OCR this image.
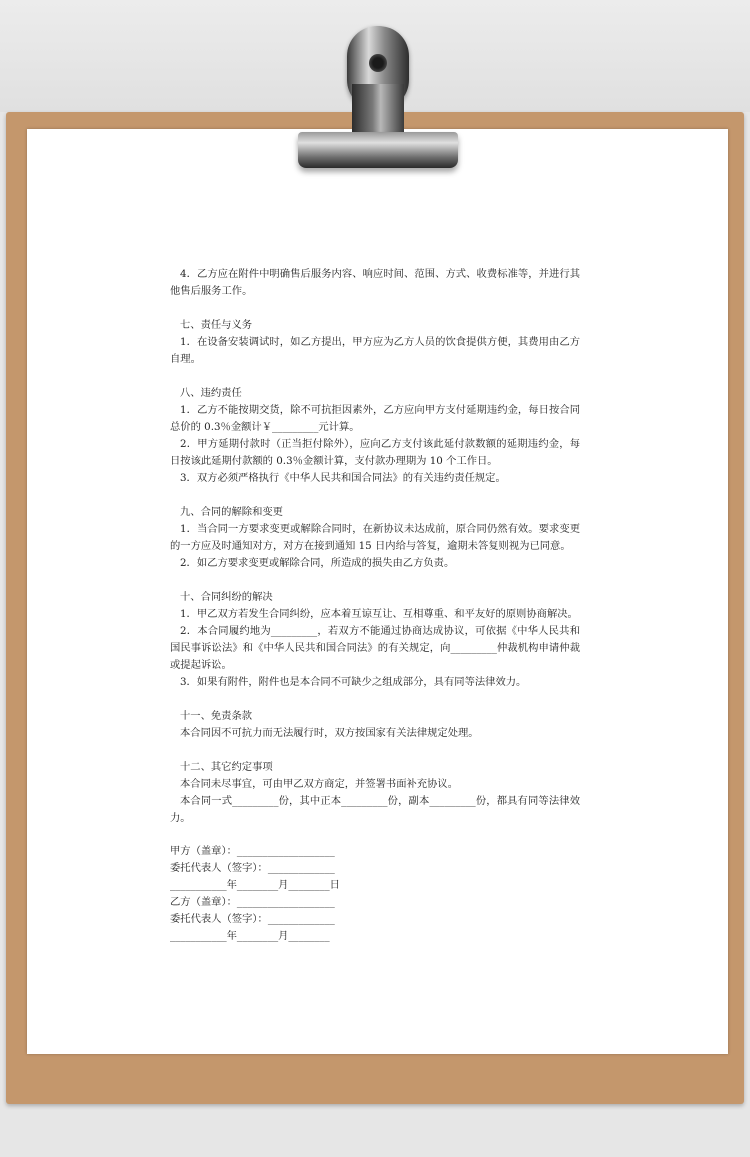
4．乙方应在附件中明确售后服务内容、响应时间、范围、方式、收费标准等，并进行其他售后服务工作。

七、责任与义务

1．在设备安装调试时，如乙方提出，甲方应为乙方人员的饮食提供方便，其费用由乙方自理。

八、违约责任

1．乙方不能按期交货，除不可抗拒因素外，乙方应向甲方支付延期违约金，每日按合同总价的 0.3％金额计￥_________元计算。

2．甲方延期付款时（正当拒付除外），应向乙方支付该此延付款数额的延期违约金，每日按该此延期付款额的 0.3％金额计算，支付款办理期为 10 个工作日。

3．双方必须严格执行《中华人民共和国合同法》的有关违约责任规定。

九、合同的解除和变更

1．当合同一方要求变更或解除合同时，在新协议未达成前，原合同仍然有效。要求变更的一方应及时通知对方，对方在接到通知 15 日内给与答复，逾期未答复则视为已同意。

2．如乙方要求变更或解除合同，所造成的损失由乙方负责。

十、合同纠纷的解决

1．甲乙双方若发生合同纠纷，应本着互谅互让、互相尊重、和平友好的原则协商解决。

2．本合同履约地为_________，若双方不能通过协商达成协议，可依据《中华人民共和国民事诉讼法》和《中华人民共和国合同法》的有关规定，向_________仲裁机构申请仲裁或提起诉讼。

3．如果有附件，附件也是本合同不可缺少之组成部分，具有同等法律效力。

十一、免责条款

本合同因不可抗力而无法履行时，双方按国家有关法律规定处理。

十二、其它约定事项

本合同未尽事宜，可由甲乙双方商定，并签署书面补充协议。

本合同一式_________份，其中正本_________份，副本_________份，都具有同等法律效力。

甲方（盖章）：___________________

委托代表人（签字）：_____________

___________年________月________日

乙方（盖章）：___________________

委托代表人（签字）：_____________

___________年________月________
